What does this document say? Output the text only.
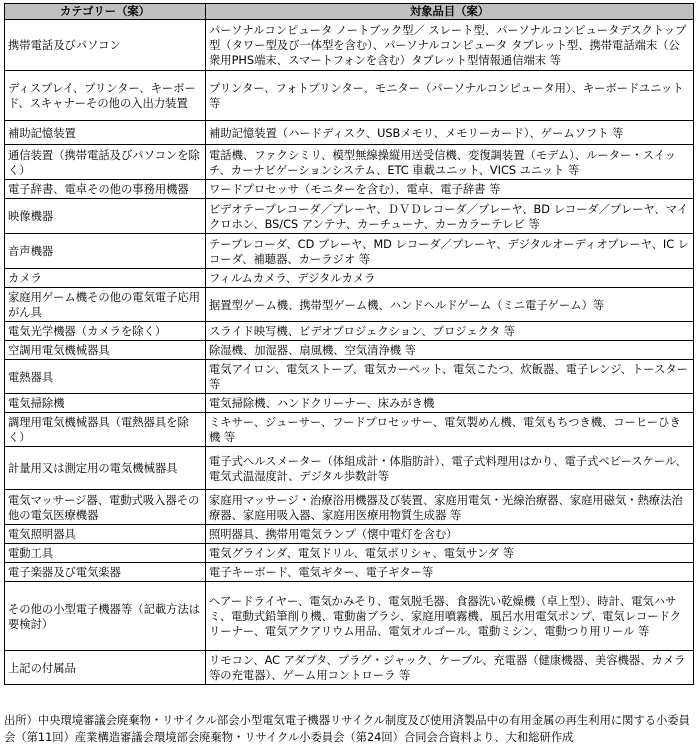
カテゴリー（案）	対象品目（案）
携帯電話及びパソコン	パーソナルコンピュータ ノートブック型／ スレート型、パーソナルコンピュータデスクトップ型（タワー型及び一体型を含む）、パーソナルコンピュータ タブレット型、携帯電話端末（公衆用PHS端末、スマートフォンを含む）タブレット型情報通信端末 等
ディスプレイ、プリンター、キーボード、スキャナーその他の入出力装置	プリンター、フォトプリンター、モニター（パーソナルコンピュータ用）、キーボードユニット 等
補助記憶装置	補助記憶装置（ハードディスク、USBメモリ、メモリーカード）、ゲームソフト 等
通信装置（携帯電話及びパソコンを除く）	電話機、ファクシミリ、模型無線操縦用送受信機、変復調装置（モデム）、ルーター・スイッチ、カーナビゲーションシステム、ETC 車載ユニット、VICS ユニット 等
電子辞書、電卓その他の事務用機器	ワードプロセッサ（モニターを含む）、電卓、電子辞書 等
映像機器	ビデオテープレコーダ／プレーヤ、ＤＶＤレコーダ／プレーヤ、BD レコーダ／プレーヤ、マイクロホン、BS/CS アンテナ、カーチューナ、カーカラーテレビ 等
音声機器	テープレコーダ、CD プレーヤ、MD レコーダ／プレーヤ、デジタルオーディオプレーヤ、IC レコーダ、補聴器、カーラジオ 等
カメラ	フィルムカメラ、デジタルカメラ
家庭用ゲーム機その他の電気電子応用がん具	据置型ゲーム機、携帯型ゲーム機、ハンドヘルドゲーム（ミニ電子ゲーム）等
電気光学機器（カメラを除く）	スライド映写機、ビデオプロジェクション、プロジェクタ 等
空調用電気機械器具	除湿機、加湿器、扇風機、空気清浄機 等
電熱器具	電気アイロン、電気ストーブ、電気カーペット、電気こたつ、炊飯器、電子レンジ、トースター 等
電気掃除機	電気掃除機、ハンドクリーナー、床みがき機
調理用電気機械器具（電熱器具を除く）	ミキサー、ジューサー、フードプロセッサー、電気製めん機、電気もちつき機、コーヒーひき機 等
計量用又は測定用の電気機械器具	電子式ヘルスメーター（体組成計・体脂肪計）、電子式料理用はかり、電子式ベビースケール、電気式温湿度計、デジタル歩数計等
電気マッサージ器、電動式吸入器その他の電気医療機器	家庭用マッサージ・治療浴用機器及び装置、家庭用電気・光線治療器、家庭用磁気・熱療法治療器、家庭用吸入器、家庭用医療用物質生成器 等
電気照明器具	照明器具、携帯用電気ランプ（懐中電灯を含む）
電動工具	電気グラインダ、電気ドリル、電気ポリシャ、電気サンダ 等
電子楽器及び電気楽器	電子キーボード、電気ギター、電子ギター等
その他の小型電子機器等（記載方法は要検討）	ヘアードライヤー、電気かみそり、電気脱毛器、食器洗い乾燥機（卓上型）、時計、電気ハサミ、電動式鉛筆削り機、電動歯ブラシ、家庭用噴霧機、風呂水用電気ポンプ、電気レコードクリーナー、電気アクアリウム用品、電気オルゴール、電動ミシン、電動つり用リール 等
上記の付属品	リモコン、AC アダプタ、プラグ・ジャック、ケーブル、充電器（健康機器、美容機器、カメラ等の充電器）、ゲーム用コントローラ 等
出所）中央環境審議会廃棄物・リサイクル部会小型電気電子機器リサイクル制度及び使用済製品中の有用金属の再生利用に関する小委員会（第11回）産業構造審議会環境部会廃棄物・リサイクル小委員会（第24回）合同会合資料より、大和総研作成
